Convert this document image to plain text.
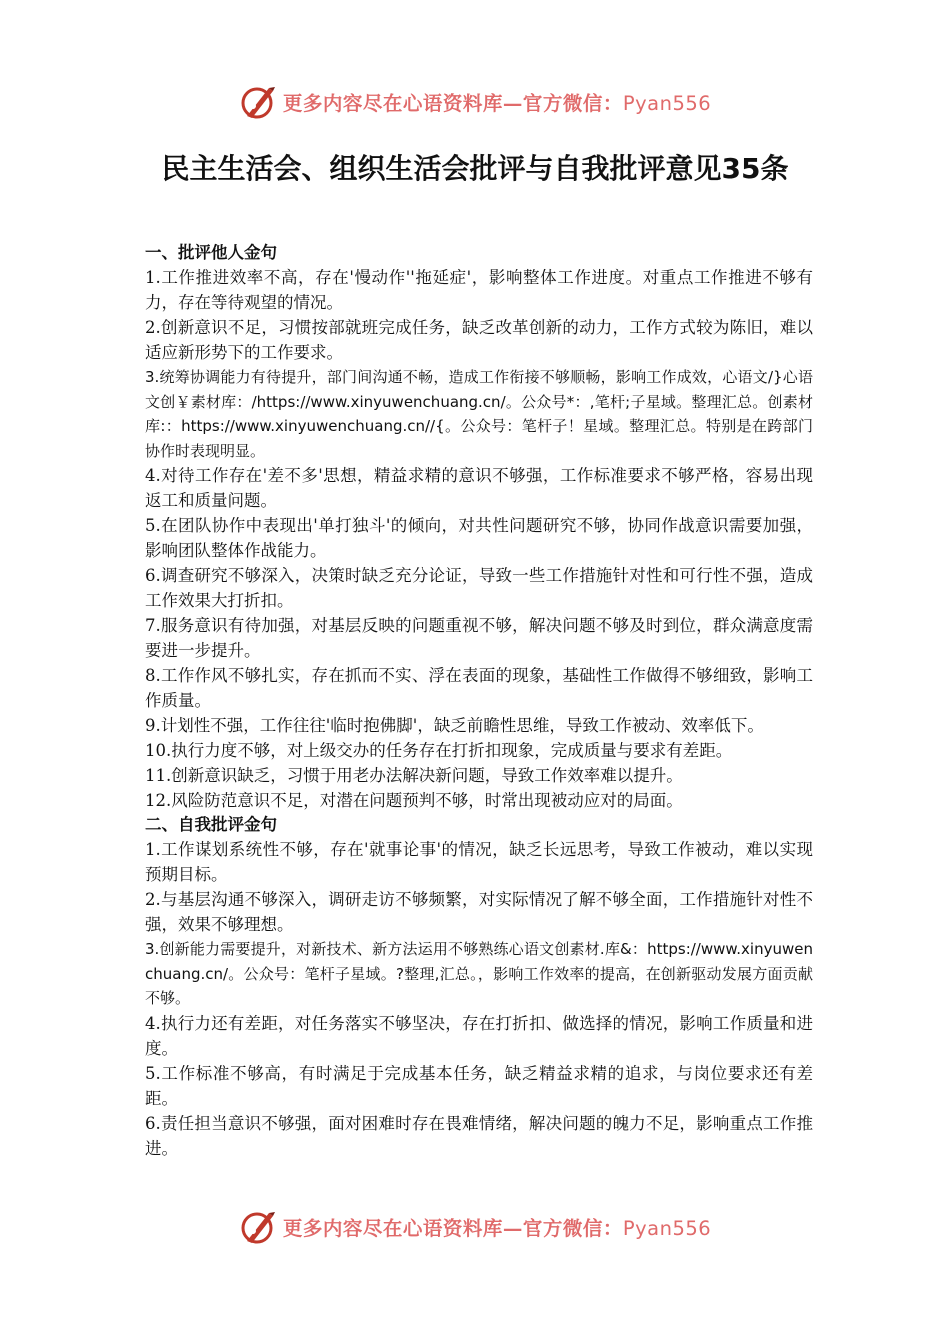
更多内容尽在心语资料库—官方微信：Pyan556
民主生活会、组织生活会批评与自我批评意见35条
一、批评他人金句
1.工作推进效率不高，存在'慢动作''拖延症'，影响整体工作进度。对重点工作推进不够有力，存在等待观望的情况。
2.创新意识不足，习惯按部就班完成任务，缺乏改革创新的动力，工作方式较为陈旧，难以适应新形势下的工作要求。
3.统筹协调能力有待提升，部门间沟通不畅，造成工作衔接不够顺畅，影响工作成效，心语文/}心语文创￥素材库：/https://www.xinyuwenchuang.cn/。公众号*：,笔杆;子星域。整理汇总。创素材库:：https://www.xinyuwenchuang.cn//{。公众号：笔杆子！星域。整理汇总。特别是在跨部门协作时表现明显。
4.对待工作存在'差不多'思想，精益求精的意识不够强，工作标准要求不够严格，容易出现返工和质量问题。
5.在团队协作中表现出'单打独斗'的倾向，对共性问题研究不够，协同作战意识需要加强，影响团队整体作战能力。
6.调查研究不够深入，决策时缺乏充分论证，导致一些工作措施针对性和可行性不强，造成工作效果大打折扣。
7.服务意识有待加强，对基层反映的问题重视不够，解决问题不够及时到位，群众满意度需要进一步提升。
8.工作作风不够扎实，存在抓而不实、浮在表面的现象，基础性工作做得不够细致，影响工作质量。
9.计划性不强，工作往往'临时抱佛脚'，缺乏前瞻性思维，导致工作被动、效率低下。
10.执行力度不够，对上级交办的任务存在打折扣现象，完成质量与要求有差距。
11.创新意识缺乏，习惯于用老办法解决新问题，导致工作效率难以提升。
12.风险防范意识不足，对潜在问题预判不够，时常出现被动应对的局面。
二、自我批评金句
1.工作谋划系统性不够，存在'就事论事'的情况，缺乏长远思考，导致工作被动，难以实现预期目标。
2.与基层沟通不够深入，调研走访不够频繁，对实际情况了解不够全面，工作措施针对性不强，效果不够理想。
3.创新能力需要提升，对新技术、新方法运用不够熟练心语文创素材.库&：https://www.xinyuwenchuang.cn/。公众号：笔杆子星域。?整理,汇总。，影响工作效率的提高，在创新驱动发展方面贡献不够。
4.执行力还有差距，对任务落实不够坚决，存在打折扣、做选择的情况，影响工作质量和进度。
5.工作标准不够高，有时满足于完成基本任务，缺乏精益求精的追求，与岗位要求还有差距。
6.责任担当意识不够强，面对困难时存在畏难情绪，解决问题的魄力不足，影响重点工作推进。
更多内容尽在心语资料库—官方微信：Pyan556
